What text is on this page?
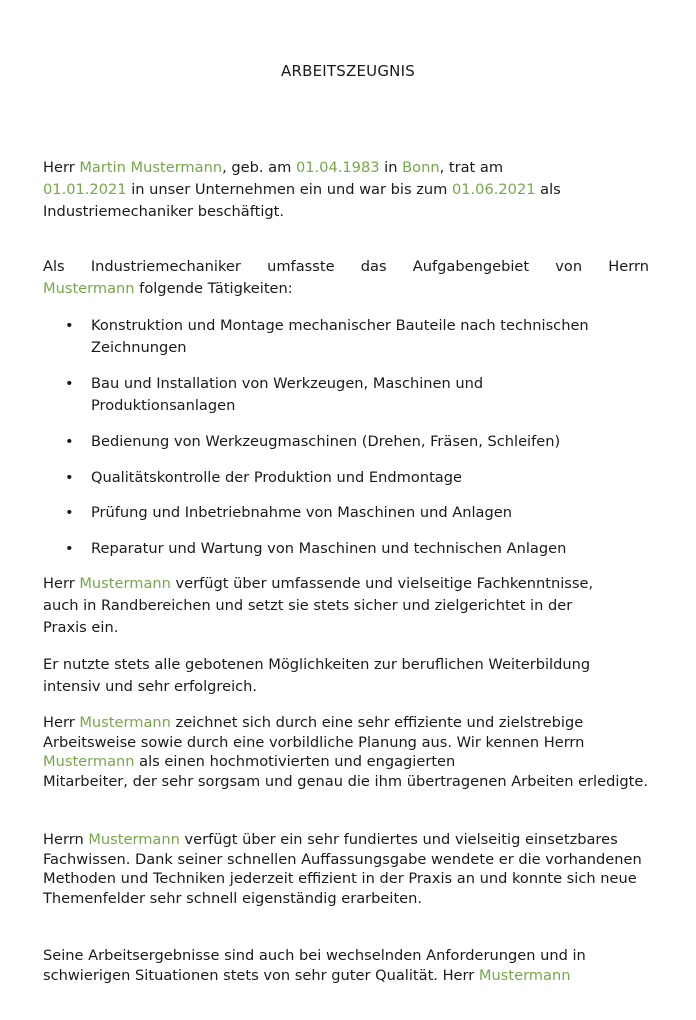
ARBEITSZEUGNIS

Herr Martin Mustermann, geb. am 01.04.1983 in Bonn, trat am
01.01.2021 in unser Unternehmen ein und war bis zum 01.06.2021 als
Industriemechaniker beschäftigt.

Als Industriemechaniker umfasste das Aufgabengebiet von Herrn
Mustermann folgende Tätigkeiten:

• Konstruktion und Montage mechanischer Bauteile nach technischen Zeichnungen
• Bau und Installation von Werkzeugen, Maschinen und Produktionsanlagen
• Bedienung von Werkzeugmaschinen (Drehen, Fräsen, Schleifen)
• Qualitätskontrolle der Produktion und Endmontage
• Prüfung und Inbetriebnahme von Maschinen und Anlagen
• Reparatur und Wartung von Maschinen und technischen Anlagen

Herr Mustermann verfügt über umfassende und vielseitige Fachkenntnisse, auch in Randbereichen und setzt sie stets sicher und zielgerichtet in der Praxis ein.

Er nutzte stets alle gebotenen Möglichkeiten zur beruflichen Weiterbildung intensiv und sehr erfolgreich.

Herr Mustermann zeichnet sich durch eine sehr effiziente und zielstrebige Arbeitsweise sowie durch eine vorbildliche Planung aus. Wir kennen Herrn
Mustermann als einen hochmotivierten und engagierten
Mitarbeiter, der sehr sorgsam und genau die ihm übertragenen Arbeiten erledigte.

Herrn Mustermann verfügt über ein sehr fundiertes und vielseitig einsetzbares Fachwissen. Dank seiner schnellen Auffassungsgabe wendete er die vorhandenen Methoden und Techniken jederzeit effizient in der Praxis an und konnte sich neue Themenfelder sehr schnell eigenständig erarbeiten.

Seine Arbeitsergebnisse sind auch bei wechselnden Anforderungen und in schwierigen Situationen stets von sehr guter Qualität. Herr Mustermann
